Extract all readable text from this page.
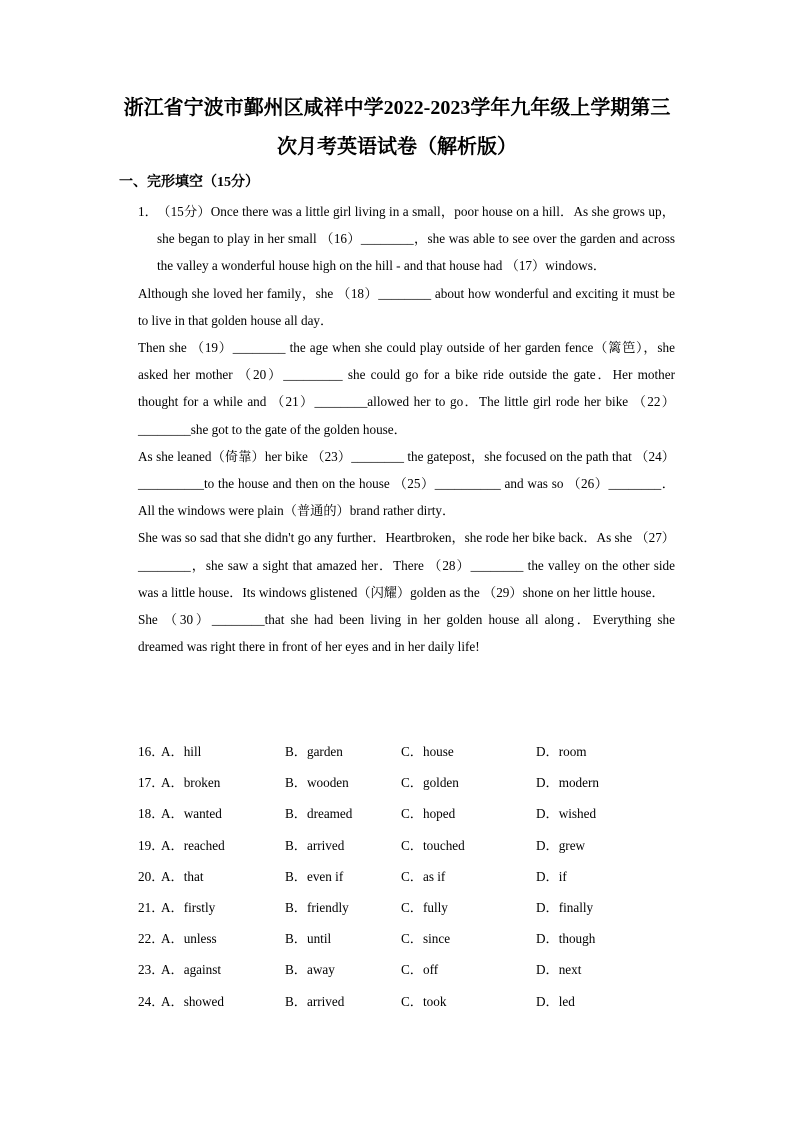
浙江省宁波市鄞州区咸祥中学2022-2023学年九年级上学期第三
次月考英语试卷（解析版）
一、完形填空（15分）

1．（15分）Once there was a little girl living in a small，poor house on a hill．As she grows up，she began to play in her small （16）________，she was able to see over the garden and across the valley a wonderful house high on the hill - and that house had （17）windows．

Although she loved her family，she （18）________ about how wonderful and exciting it must be to live in that golden house all day．

Then she （19）________ the age when she could play outside of her garden fence（篱笆），she asked her mother （20）_________ she could go for a bike ride outside the gate．Her mother thought for a while and （21）________allowed her to go．The little girl rode her bike （22）________she got to the gate of the golden house．

As she leaned（倚靠）her bike （23）________ the gatepost，she focused on the path that （24）__________to the house and then on the house （25）__________ and was so （26）________．All the windows were plain（普通的）brand rather dirty．

She was so sad that she didn't go any further．Heartbroken，she rode her bike back．As she （27）________，she saw a sight that amazed her．There （28）________ the valley on the other side was a little house．Its windows glistened（闪耀）golden as the （29）shone on her little house．

She （30）________that she had been living in her golden house all along．Everything she dreamed was right there in front of her eyes and in her daily life!

16．
A．hill	B．garden	C．house	D．room
17．
A．broken	B．wooden	C．golden	D．modern
18．
A．wanted	B．dreamed	C．hoped	D．wished
19．
A．reached	B．arrived	C．touched	D．grew
20．
A．that	B．even if	C．as if	D．if
21．
A．firstly	B．friendly	C．fully	D．finally
22．
A．unless	B．until	C．since	D．though
23．
A．against	B．away	C．off	D．next
24．
A．showed	B．arrived	C．took	D．led
